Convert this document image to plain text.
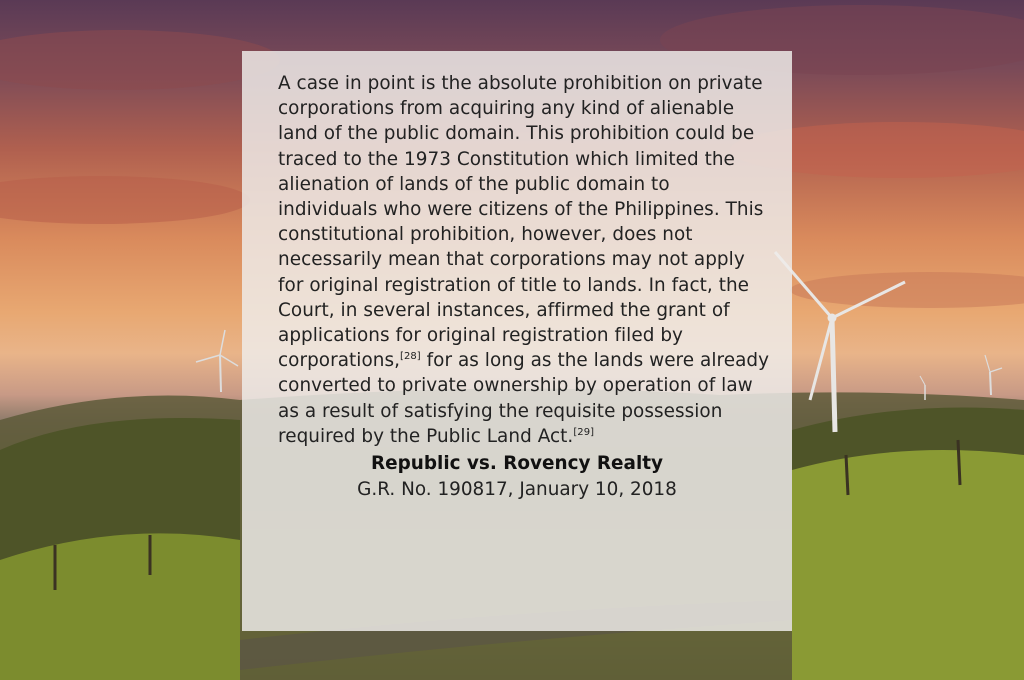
A case in point is the absolute prohibition on private corporations from acquiring any kind of alienable land of the public domain. This prohibition could be traced to the 1973 Constitution which limited the alienation of lands of the public domain to individuals who were citizens of the Philippines. This constitutional prohibition, however, does not necessarily mean that corporations may not apply for original registration of title to lands. In fact, the Court, in several instances, affirmed the grant of applications for original registration filed by corporations,[28] for as long as the lands were already converted to private ownership by operation of law as a result of satisfying the requisite possession required by the Public Land Act.[29]

Republic vs. Rovency Realty
G.R. No. 190817, January 10, 2018
